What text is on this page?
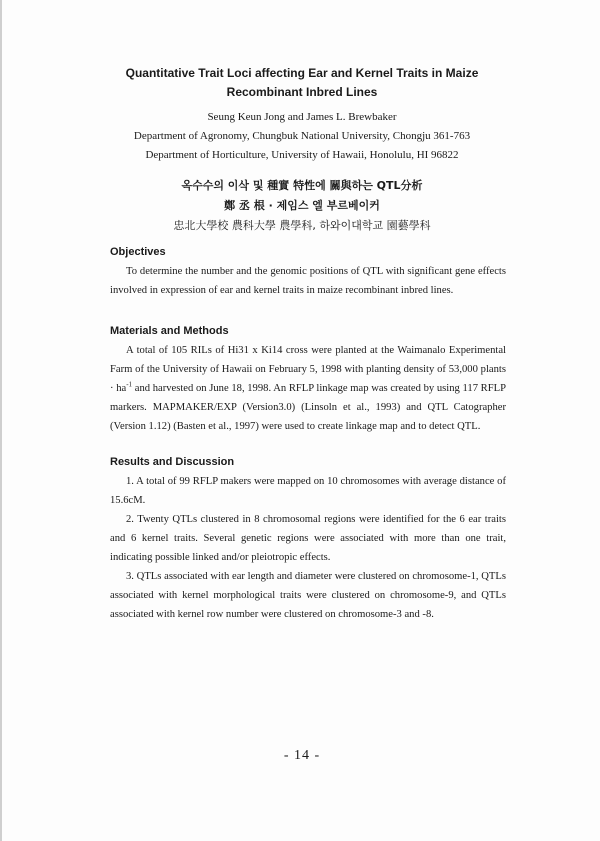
Quantitative Trait Loci affecting Ear and Kernel Traits in Maize
Recombinant Inbred Lines
Seung Keun Jong and James L. Brewbaker
Department of Agronomy, Chungbuk National University, Chongju 361-763
Department of Horticulture, University of Hawaii, Honolulu, HI 96822
옥수수의 이삭 및 種實 特性에 關與하는 QTL分析
鄭 丞 根 · 제임스 엘 부르베이커
忠北大學校 農科大學 農學科, 하와이대학교 園藝學科
Objectives

To determine the number and the genomic positions of QTL with significant gene effects involved in expression of ear and kernel traits in maize recombinant inbred lines.

Materials and Methods

A total of 105 RILs of Hi31 x Ki14 cross were planted at the Waimanalo Experimental Farm of the University of Hawaii on February 5, 1998 with planting density of 53,000 plants · $ha^{-1}$ and harvested on June 18, 1998. An RFLP linkage map was created by using 117 RFLP markers. MAPMAKER/EXP (Version3.0) (Linsoln et al., 1993) and QTL Catographer (Version 1.12) (Basten et al., 1997) were used to create linkage map and to detect QTL.

Results and Discussion

1. A total of 99 RFLP makers were mapped on 10 chromosomes with average distance of 15.6cM.

2. Twenty QTLs clustered in 8 chromosomal regions were identified for the 6 ear traits and 6 kernel traits. Several genetic regions were associated with more than one trait, indicating possible linked and/or pleiotropic effects.

3. QTLs associated with ear length and diameter were clustered on chromosome-1, QTLs associated with kernel morphological traits were clustered on chromosome-9, and QTLs associated with kernel row number were clustered on chromosome-3 and -8.

- 14 -
